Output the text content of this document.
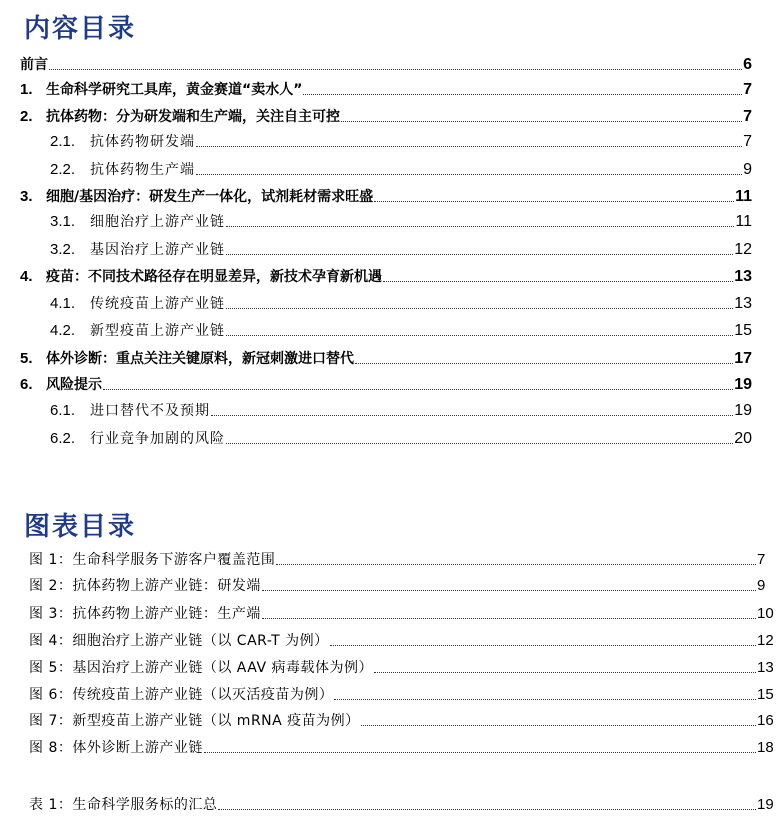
内容目录
前言	6
1. 生命科学研究工具库，黄金赛道“卖水人”	7
2. 抗体药物：分为研发端和生产端，关注自主可控	7
2.1.	抗体药物研发端	7
2.2.	抗体药物生产端	9
3. 细胞/基因治疗：研发生产一体化，试剂耗材需求旺盛	11
3.1.	细胞治疗上游产业链	11
3.2.	基因治疗上游产业链	12
4. 疫苗：不同技术路径存在明显差异，新技术孕育新机遇	13
4.1.	传统疫苗上游产业链	13
4.2.	新型疫苗上游产业链	15
5. 体外诊断：重点关注关键原料，新冠刺激进口替代	17
6. 风险提示	19
6.1.	进口替代不及预期	19
6.2.	行业竞争加剧的风险	20
图表目录
图 1：生命科学服务下游客户覆盖范围	7
图 2：抗体药物上游产业链：研发端	9
图 3：抗体药物上游产业链：生产端	10
图 4：细胞治疗上游产业链（以 CAR-T 为例）	12
图 5：基因治疗上游产业链（以 AAV 病毒载体为例）	13
图 6：传统疫苗上游产业链（以灭活疫苗为例）	15
图 7：新型疫苗上游产业链（以 mRNA 疫苗为例）	16
图 8：体外诊断上游产业链	18
表 1：生命科学服务标的汇总	19
